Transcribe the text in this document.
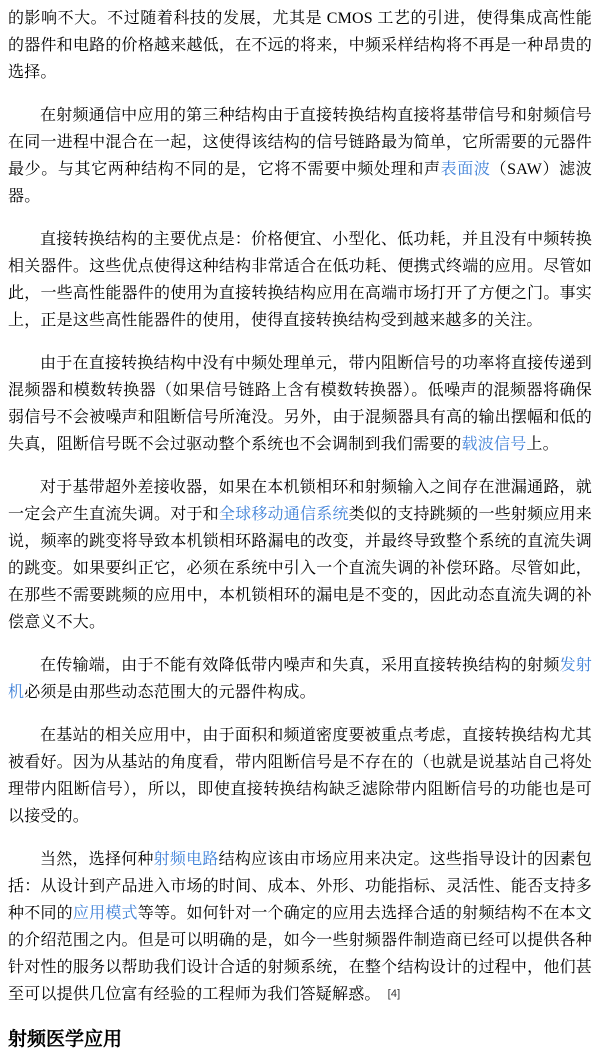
的影响不大。不过随着科技的发展，尤其是 CMOS 工艺的引进，使得集成高性能的器件和电路的价格越来越低，在不远的将来，中频采样结构将不再是一种昂贵的选择。

在射频通信中应用的第三种结构由于直接转换结构直接将基带信号和射频信号在同一进程中混合在一起，这使得该结构的信号链路最为简单，它所需要的元器件最少。与其它两种结构不同的是，它将不需要中频处理和声表面波（SAW）滤波器。

直接转换结构的主要优点是：价格便宜、小型化、低功耗，并且没有中频转换相关器件。这些优点使得这种结构非常适合在低功耗、便携式终端的应用。尽管如此，一些高性能器件的使用为直接转换结构应用在高端市场打开了方便之门。事实上，正是这些高性能器件的使用，使得直接转换结构受到越来越多的关注。

由于在直接转换结构中没有中频处理单元，带内阻断信号的功率将直接传递到混频器和模数转换器（如果信号链路上含有模数转换器）。低噪声的混频器将确保弱信号不会被噪声和阻断信号所淹没。另外，由于混频器具有高的输出摆幅和低的失真，阻断信号既不会过驱动整个系统也不会调制到我们需要的载波信号上。

对于基带超外差接收器，如果在本机锁相环和射频输入之间存在泄漏通路，就一定会产生直流失调。对于和全球移动通信系统类似的支持跳频的一些射频应用来说，频率的跳变将导致本机锁相环路漏电的改变，并最终导致整个系统的直流失调的跳变。如果要纠正它，必须在系统中引入一个直流失调的补偿环路。尽管如此，在那些不需要跳频的应用中，本机锁相环的漏电是不变的，因此动态直流失调的补偿意义不大。

在传输端，由于不能有效降低带内噪声和失真，采用直接转换结构的射频发射机必须是由那些动态范围大的元器件构成。

在基站的相关应用中，由于面积和频道密度要被重点考虑，直接转换结构尤其被看好。因为从基站的角度看，带内阻断信号是不存在的（也就是说基站自己将处理带内阻断信号），所以，即使直接转换结构缺乏滤除带内阻断信号的功能也是可以接受的。

当然，选择何种射频电路结构应该由市场应用来决定。这些指导设计的因素包括：从设计到产品进入市场的时间、成本、外形、功能指标、灵活性、能否支持多种不同的应用模式等等。如何针对一个确定的应用去选择合适的射频结构不在本文的介绍范围之内。但是可以明确的是，如今一些射频器件制造商已经可以提供各种针对性的服务以帮助我们设计合适的射频系统，在整个结构设计的过程中，他们甚至可以提供几位富有经验的工程师为我们答疑解惑。 [4]

射频医学应用
